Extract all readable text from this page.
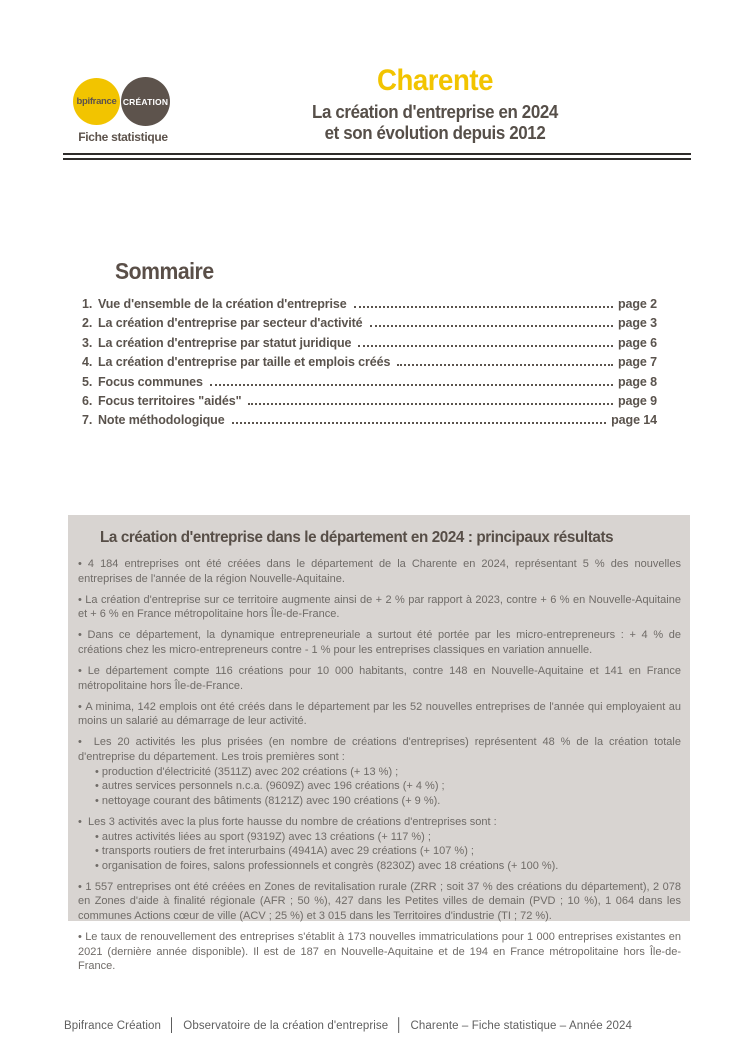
bpifrance CRÉATION
Fiche statistique
Charente
La création d'entreprise en 2024
et son évolution depuis 2012
Sommaire
1. Vue d'ensemble de la création d'entreprise	page 2
2. La création d'entreprise par secteur d'activité	page 3
3. La création d'entreprise par statut juridique	page 6
4. La création d'entreprise par taille et emplois créés	page 7
5. Focus communes	page 8
6. Focus territoires "aidés"	page 9
7. Note méthodologique	page 14
La création d'entreprise dans le département en 2024 : principaux résultats
• 4 184 entreprises ont été créées dans le département de la Charente en 2024, représentant 5 % des nouvelles entreprises de l'année de la région Nouvelle-Aquitaine.
• La création d'entreprise sur ce territoire augmente ainsi de + 2 % par rapport à 2023, contre + 6 % en Nouvelle-Aquitaine et + 6 % en France métropolitaine hors Île-de-France.
• Dans ce département, la dynamique entrepreneuriale a surtout été portée par les micro-entrepreneurs : + 4 % de créations chez les micro-entrepreneurs contre - 1 % pour les entreprises classiques en variation annuelle.
• Le département compte 116 créations pour 10 000 habitants, contre 148 en Nouvelle-Aquitaine et 141 en France métropolitaine hors Île-de-France.
• A minima, 142 emplois ont été créés dans le département par les 52 nouvelles entreprises de l'année qui employaient au moins un salarié au démarrage de leur activité.
• Les 20 activités les plus prisées (en nombre de créations d'entreprises) représentent 48 % de la création totale d'entreprise du département. Les trois premières sont :
• production d'électricité (3511Z) avec 202 créations (+ 13 %) ;
• autres services personnels n.c.a. (9609Z) avec 196 créations (+ 4 %) ;
• nettoyage courant des bâtiments (8121Z) avec 190 créations (+ 9 %).
• Les 3 activités avec la plus forte hausse du nombre de créations d'entreprises sont :
• autres activités liées au sport (9319Z) avec 13 créations (+ 117 %) ;
• transports routiers de fret interurbains (4941A) avec 29 créations (+ 107 %) ;
• organisation de foires, salons professionnels et congrès (8230Z) avec 18 créations (+ 100 %).
• 1 557 entreprises ont été créées en Zones de revitalisation rurale (ZRR ; soit 37 % des créations du département), 2 078 en Zones d'aide à finalité régionale (AFR ; 50 %), 427 dans les Petites villes de demain (PVD ; 10 %), 1 064 dans les communes Actions cœur de ville (ACV ; 25 %) et 3 015 dans les Territoires d'industrie (TI ; 72 %).
• Le taux de renouvellement des entreprises s'établit à 173 nouvelles immatriculations pour 1 000 entreprises existantes en 2021 (dernière année disponible). Il est de 187 en Nouvelle-Aquitaine et de 194 en France métropolitaine hors Île-de-France.
Bpifrance Création │ Observatoire de la création d'entreprise │ Charente – Fiche statistique – Année 2024
